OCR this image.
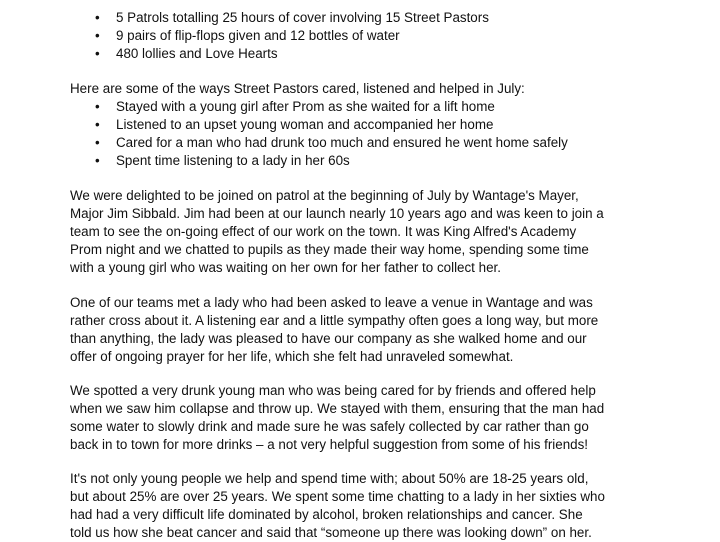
• 5 Patrols totalling 25 hours of cover involving 15 Street Pastors
• 9 pairs of flip-flops given and 12 bottles of water
• 480 lollies and Love Hearts
Here are some of the ways Street Pastors cared, listened and helped in July:
• Stayed with a young girl after Prom as she waited for a lift home
• Listened to an upset young woman and accompanied her home
• Cared for a man who had drunk too much and ensured he went home safely
• Spent time listening to a lady in her 60s
We were delighted to be joined on patrol at the beginning of July by Wantage's Mayer,
Major Jim Sibbald. Jim had been at our launch nearly 10 years ago and was keen to join a
team to see the on-going effect of our work on the town. It was King Alfred's Academy
Prom night and we chatted to pupils as they made their way home, spending some time
with a young girl who was waiting on her own for her father to collect her.
One of our teams met a lady who had been asked to leave a venue in Wantage and was
rather cross about it. A listening ear and a little sympathy often goes a long way, but more
than anything, the lady was pleased to have our company as she walked home and our
offer of ongoing prayer for her life, which she felt had unraveled somewhat.
We spotted a very drunk young man who was being cared for by friends and offered help
when we saw him collapse and throw up. We stayed with them, ensuring that the man had
some water to slowly drink and made sure he was safely collected by car rather than go
back in to town for more drinks – a not very helpful suggestion from some of his friends!
It's not only young people we help and spend time with; about 50% are 18-25 years old,
but about 25% are over 25 years. We spent some time chatting to a lady in her sixties who
had had a very difficult life dominated by alcohol, broken relationships and cancer. She
told us how she beat cancer and said that “someone up there was looking down” on her.
